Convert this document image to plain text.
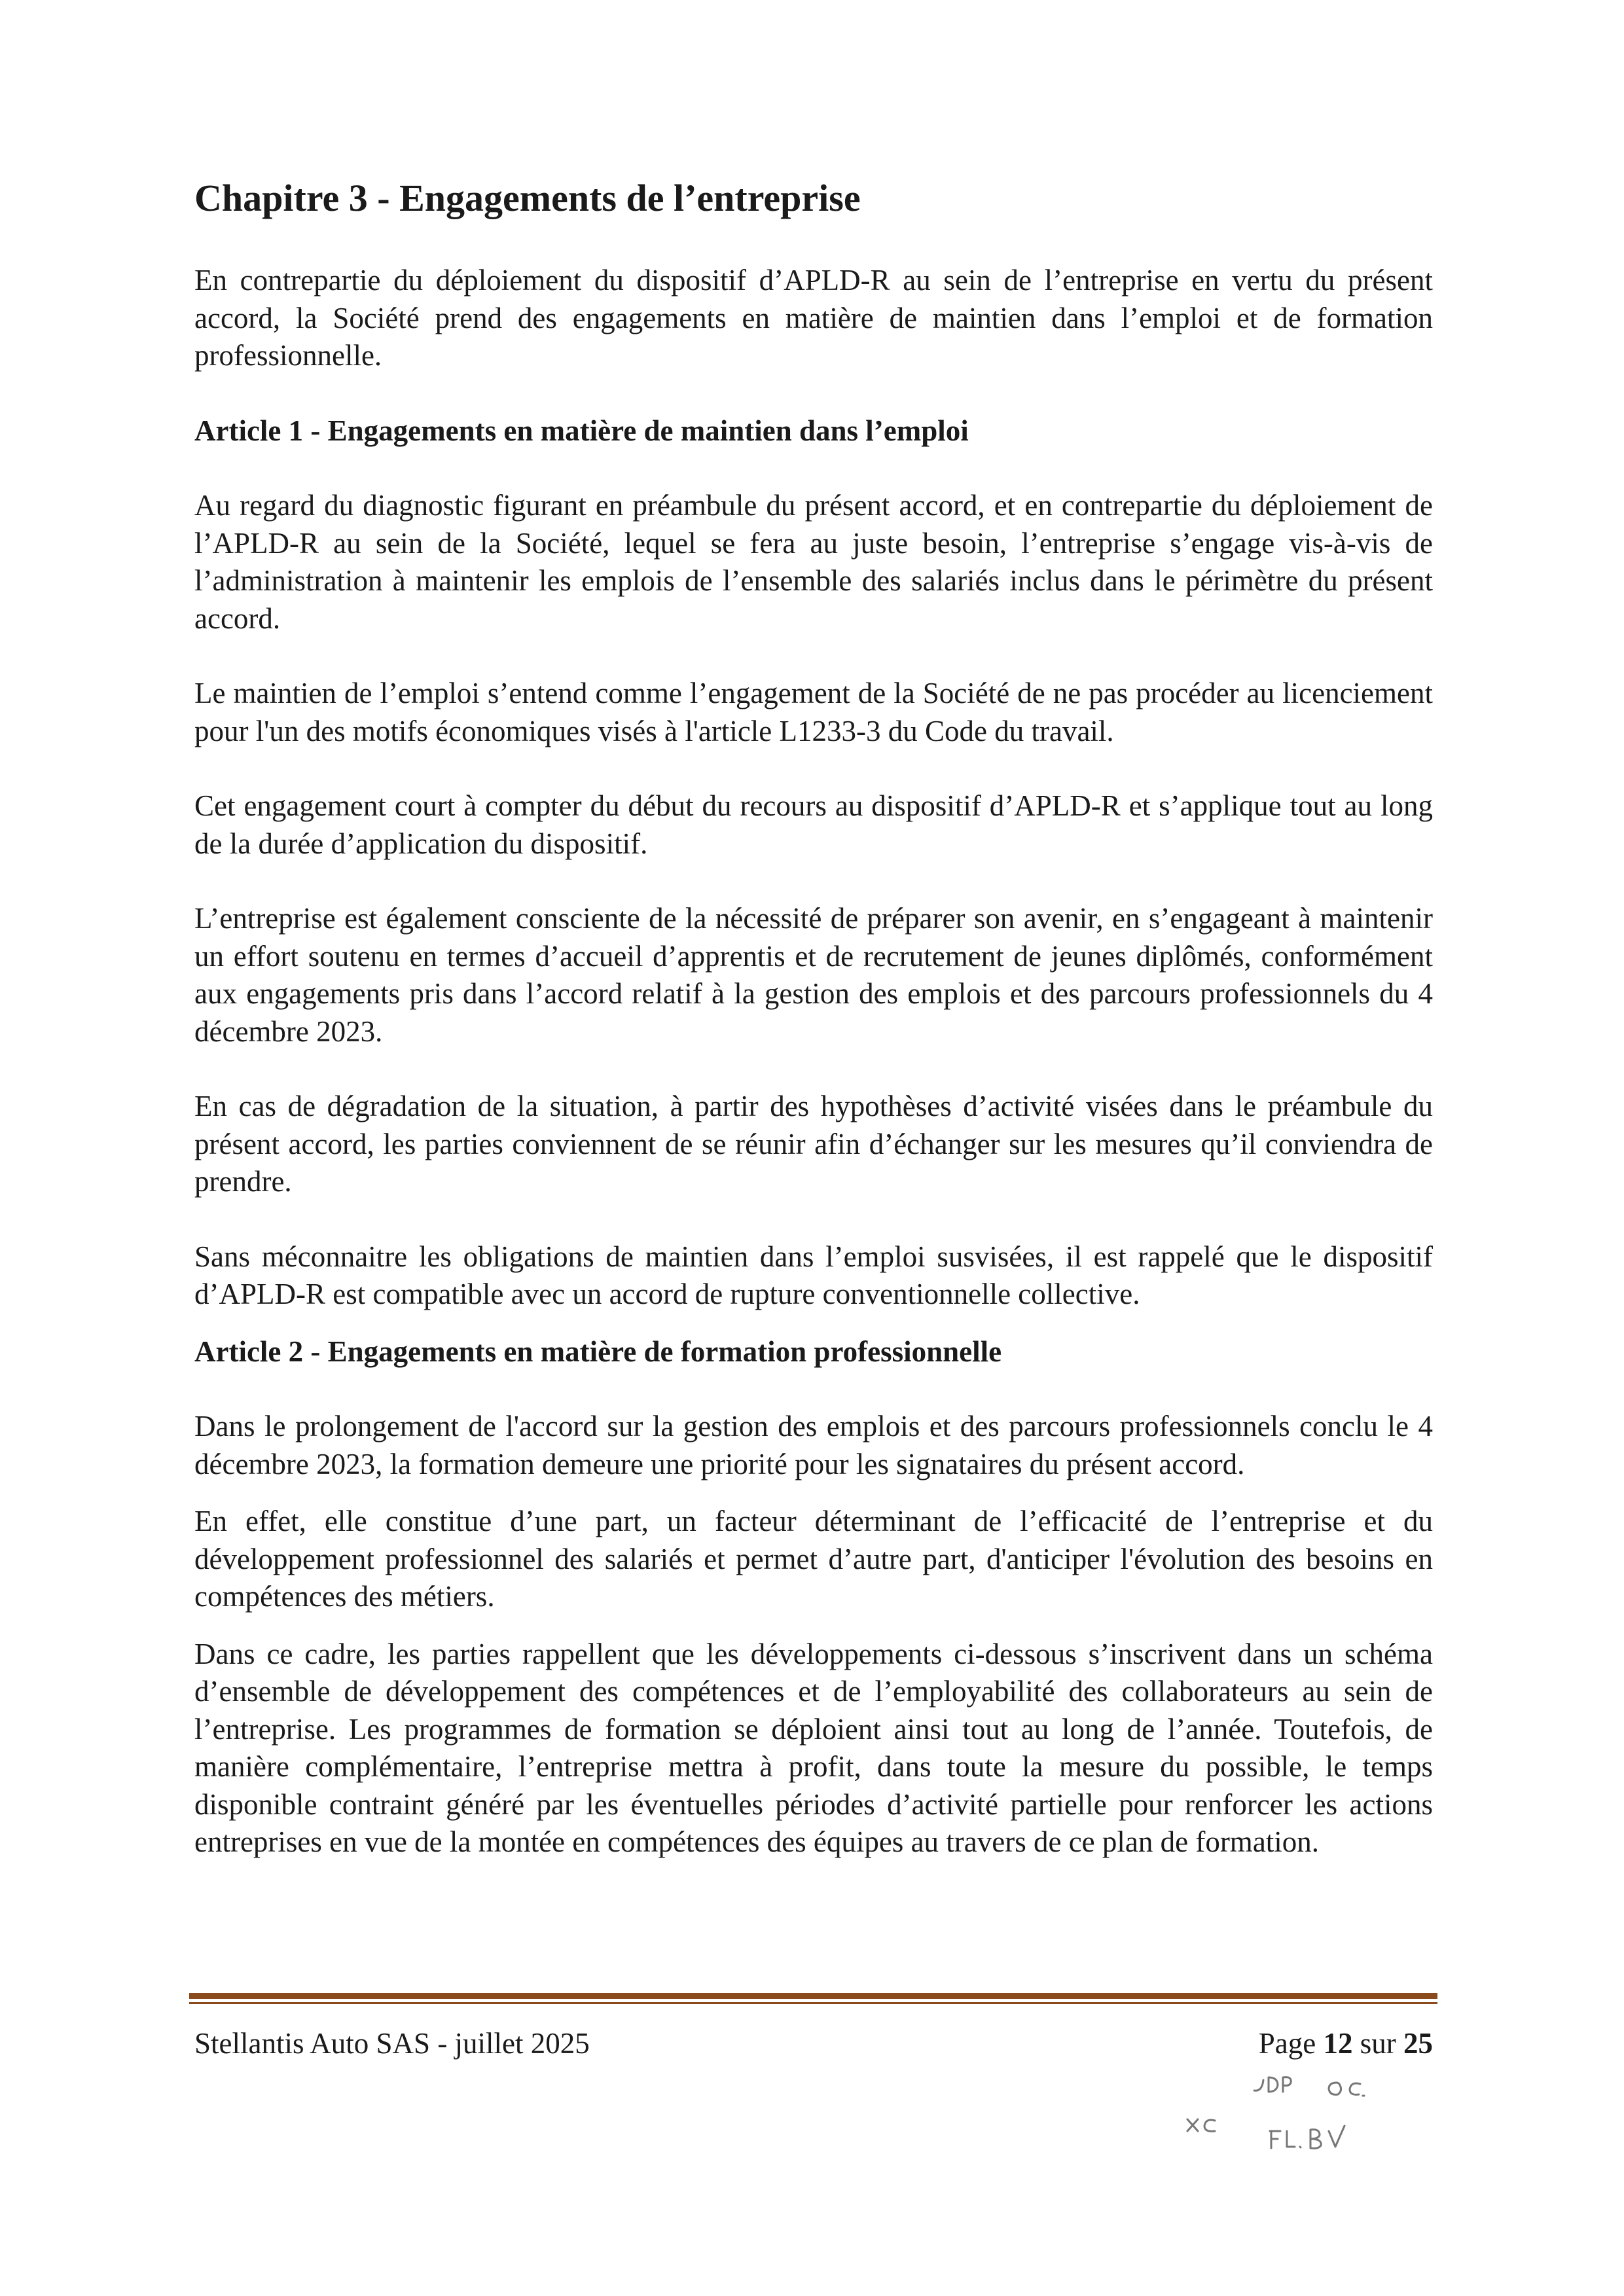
Chapitre 3 - Engagements de l’entreprise

En contrepartie du déploiement du dispositif d’APLD-R au sein de l’entreprise en vertu du présent accord, la Société prend des engagements en matière de maintien dans l’emploi et de formation professionnelle.

Article 1 - Engagements en matière de maintien dans l’emploi

Au regard du diagnostic figurant en préambule du présent accord, et en contrepartie du déploiement de l’APLD-R au sein de la Société, lequel se fera au juste besoin, l’entreprise s’engage vis-à-vis de l’administration à maintenir les emplois de l’ensemble des salariés inclus dans le périmètre du présent accord.

Le maintien de l’emploi s’entend comme l’engagement de la Société de ne pas procéder au licenciement pour l'un des motifs économiques visés à l'article L1233-3 du Code du travail.

Cet engagement court à compter du début du recours au dispositif d’APLD-R et s’applique tout au long de la durée d’application du dispositif.

L’entreprise est également consciente de la nécessité de préparer son avenir, en s’engageant à maintenir un effort soutenu en termes d’accueil d’apprentis et de recrutement de jeunes diplômés, conformément aux engagements pris dans l’accord relatif à la gestion des emplois et des parcours professionnels du 4 décembre 2023.

En cas de dégradation de la situation, à partir des hypothèses d’activité visées dans le préambule du présent accord, les parties conviennent de se réunir afin d’échanger sur les mesures qu’il conviendra de prendre.

Sans méconnaitre les obligations de maintien dans l’emploi susvisées, il est rappelé que le dispositif d’APLD-R est compatible avec un accord de rupture conventionnelle collective.

Article 2 - Engagements en matière de formation professionnelle

Dans le prolongement de l'accord sur la gestion des emplois et des parcours professionnels conclu le 4 décembre 2023, la formation demeure une priorité pour les signataires du présent accord.

En effet, elle constitue d’une part, un facteur déterminant de l’efficacité de l’entreprise et du développement professionnel des salariés et permet d’autre part, d'anticiper l'évolution des besoins en compétences des métiers.

Dans ce cadre, les parties rappellent que les développements ci-dessous s’inscrivent dans un schéma d’ensemble de développement des compétences et de l’employabilité des collaborateurs au sein de l’entreprise. Les programmes de formation se déploient ainsi tout au long de l’année. Toutefois, de manière complémentaire, l’entreprise mettra à profit, dans toute la mesure du possible, le temps disponible contraint généré par les éventuelles périodes d’activité partielle pour renforcer les actions entreprises en vue de la montée en compétences des équipes au travers de ce plan de formation.

Stellantis Auto SAS - juillet 2025	Page 12 sur 25
